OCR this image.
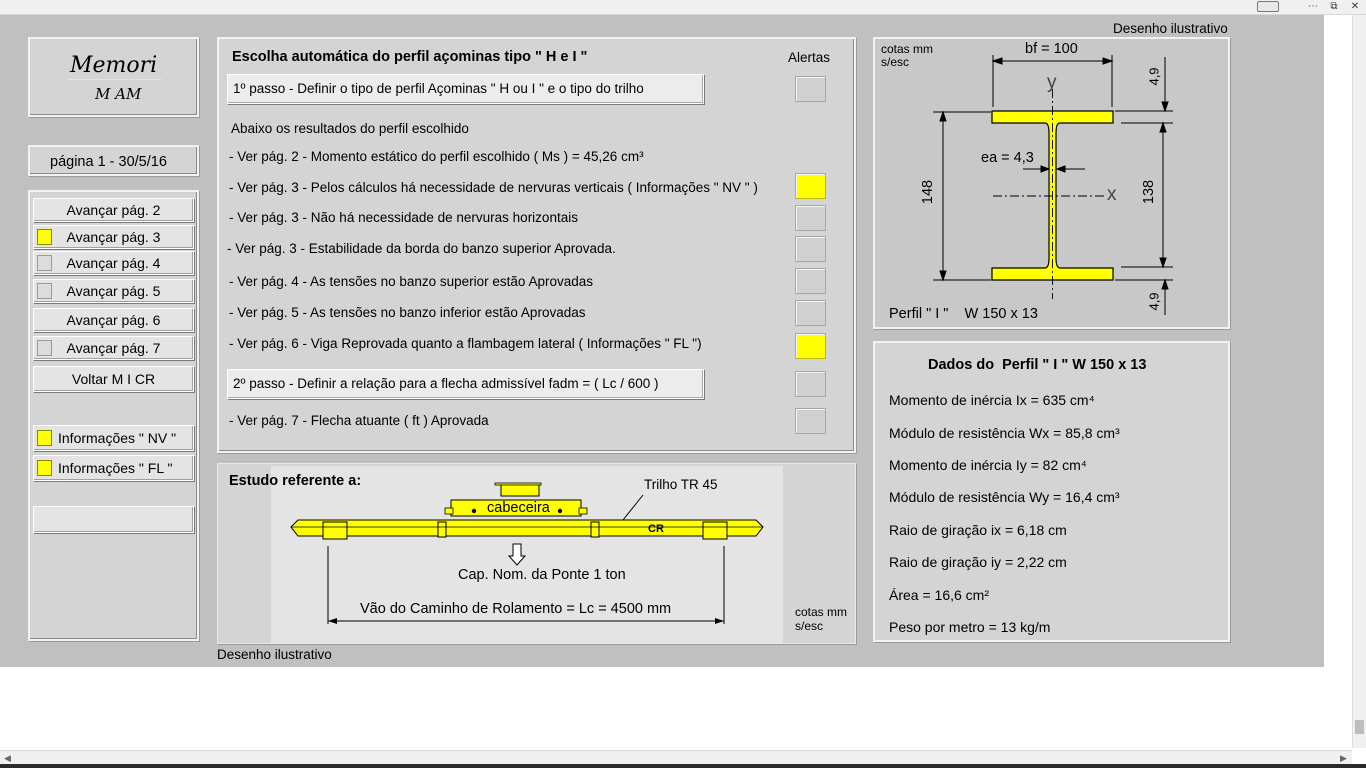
⋯	⧉	✕
◀	▶
Desenho ilustrativo
Memori
M AM
página 1 - 30/5/16
Avançar pág. 2
Avançar pág. 3
Avançar pág. 4
Avançar pág. 5
Avançar pág. 6
Avançar pág. 7
Voltar M I CR
Informações " NV "
Informações " FL "
Escolha automática do perfil açominas tipo " H e I "	Alertas
1º passo - Definir o tipo de perfil Açominas " H ou I " e o tipo do trilho
Abaixo os resultados do perfil escolhido
- Ver pág. 2 - Momento estático do perfil escolhido ( Ms ) = 45,26 cm³
- Ver pág. 3 - Pelos cálculos há necessidade de nervuras verticais ( Informações " NV " )
- Ver pág. 3 - Não há necessidade de nervuras horizontais
- Ver pág. 3 - Estabilidade da borda do banzo superior Aprovada.
- Ver pág. 4 - As tensões no banzo superior estão Aprovadas
- Ver pág. 5 - As tensões no banzo inferior estão Aprovadas
- Ver pág. 6 - Viga Reprovada quanto a flambagem lateral ( Informações " FL ")
2º passo - Definir a relação para a flecha admissível fadm = ( Lc / 600 )
- Ver pág. 7 - Flecha atuante ( ft ) Aprovada
Estudo referente a:
cabeceira
CR
Trilho TR 45
Cap. Nom. da Ponte 1 ton
Vão do Caminho de Rolamento = Lc = 4500 mm	cotas mm
s/esc
Desenho ilustrativo
cotas mm
s/esc
bf = 100
y
x
ea = 4,3
148	138
4,9
4,9
Perfil " I "    W 150 x 13
Dados do  Perfil " I " W 150 x 13
Momento de inércia Ix = 635 cm⁴
Módulo de resistência Wx = 85,8 cm³
Momento de inércia Iy = 82 cm⁴
Módulo de resistência Wy = 16,4 cm³
Raio de giração ix = 6,18 cm
Raio de giração iy = 2,22 cm
Área = 16,6 cm²
Peso por metro = 13 kg/m
